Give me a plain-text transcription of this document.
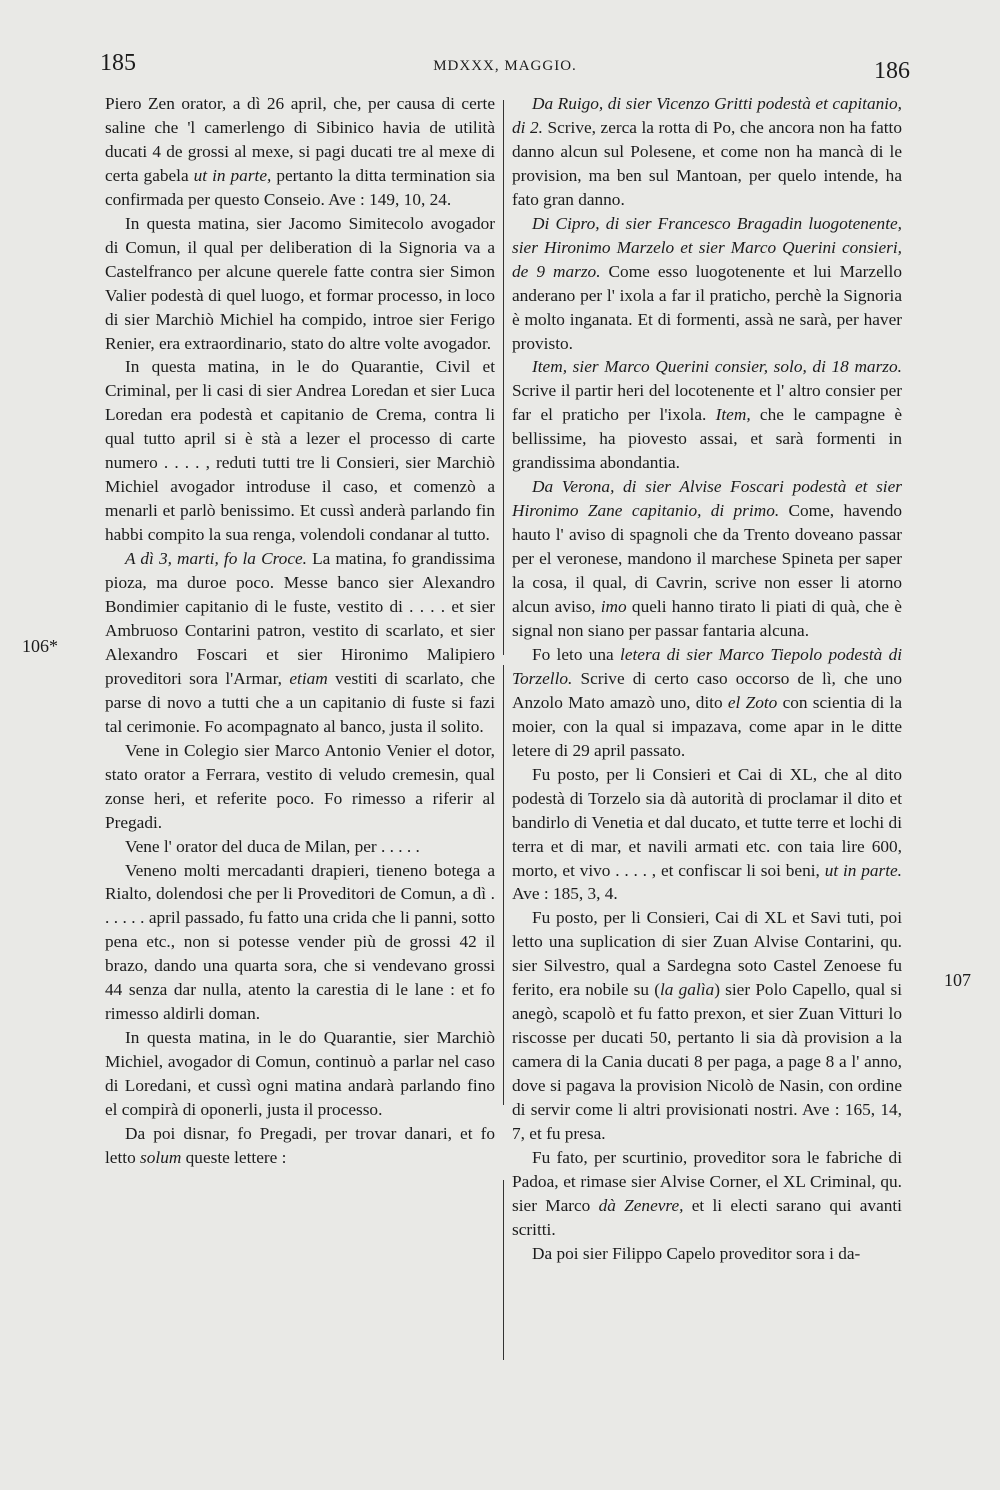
185	MDXXX, MAGGIO.	186
106*
107

Piero Zen orator, a dì 26 april, che, per causa di certe saline che 'l camerlengo di Sibinico havia de utilità ducati 4 de grossi al mexe, si pagi ducati tre al mexe di certa gabela ut in parte, pertanto la ditta termination sia confirmada per questo Conseio. Ave : 149, 10, 24.

In questa matina, sier Jacomo Simitecolo avogador di Comun, il qual per deliberation di la Signoria va a Castelfranco per alcune querele fatte contra sier Simon Valier podestà di quel luogo, et formar processo, in loco di sier Marchiò Michiel ha compido, introe sier Ferigo Renier, era extraordinario, stato do altre volte avogador.

In questa matina, in le do Quarantie, Civil et Criminal, per li casi di sier Andrea Loredan et sier Luca Loredan era podestà et capitanio de Crema, contra li qual tutto april si è stà a lezer el processo di carte numero . . . . , reduti tutti tre li Consieri, sier Marchiò Michiel avogador introduse il caso, et comenzò a menarli et parlò benissimo. Et cussì anderà parlando fin habbi compito la sua renga, volendoli condanar al tutto.

A dì 3, marti, fo la Croce. La matina, fo grandissima pioza, ma duroe poco. Messe banco sier Alexandro Bondimier capitanio di le fuste, vestito di . . . . et sier Ambruoso Contarini patron, vestito di scarlato, et sier Alexandro Foscari et sier Hironimo Malipiero proveditori sora l'Armar, etiam vestiti di scarlato, che parse di novo a tutti che a un capitanio di fuste si fazi tal cerimonie. Fo acompagnato al banco, justa il solito.

Vene in Colegio sier Marco Antonio Venier el dotor, stato orator a Ferrara, vestito di veludo cremesin, qual zonse heri, et referite poco. Fo rimesso a riferir al Pregadi.

Vene l' orator del duca de Milan, per . . . . .

Veneno molti mercadanti drapieri, tieneno botega a Rialto, dolendosi che per li Proveditori de Comun, a dì . . . . . . april passado, fu fatto una crida che li panni, sotto pena etc., non si potesse vender più de grossi 42 il brazo, dando una quarta sora, che si vendevano grossi 44 senza dar nulla, atento la carestia di le lane : et fo rimesso aldirli doman.

In questa matina, in le do Quarantie, sier Marchiò Michiel, avogador di Comun, continuò a parlar nel caso di Loredani, et cussì ogni matina andarà parlando fino el compirà di oponerli, justa il processo.

Da poi disnar, fo Pregadi, per trovar danari, et fo letto solum queste lettere :

Da Ruigo, di sier Vicenzo Gritti podestà et capitanio, di 2. Scrive, zerca la rotta di Po, che ancora non ha fatto danno alcun sul Polesene, et come non ha mancà di le provision, ma ben sul Mantoan, per quelo intende, ha fato gran danno.

Di Cipro, di sier Francesco Bragadin luogotenente, sier Hironimo Marzelo et sier Marco Querini consieri, de 9 marzo. Come esso luogotenente et lui Marzello anderano per l' ixola a far il praticho, perchè la Signoria è molto inganata. Et di formenti, assà ne sarà, per haver provisto.

Item, sier Marco Querini consier, solo, di 18 marzo. Scrive il partir heri del locotenente et l' altro consier per far el praticho per l'ixola. Item, che le campagne è bellissime, ha piovesto assai, et sarà formenti in grandissima abondantia.

Da Verona, di sier Alvise Foscari podestà et sier Hironimo Zane capitanio, di primo. Come, havendo hauto l' aviso di spagnoli che da Trento doveano passar per el veronese, mandono il marchese Spineta per saper la cosa, il qual, di Cavrin, scrive non esser li atorno alcun aviso, imo queli hanno tirato li piati di quà, che è signal non siano per passar fantaria alcuna.

Fo leto una letera di sier Marco Tiepolo podestà di Torzello. Scrive di certo caso occorso de lì, che uno Anzolo Mato amazò uno, dito el Zoto con scientia di la moier, con la qual si impazava, come apar in le ditte letere di 29 april passato.

Fu posto, per li Consieri et Cai di XL, che al dito podestà di Torzelo sia dà autorità di proclamar il dito et bandirlo di Venetia et dal ducato, et tutte terre et lochi di terra et di mar, et navili armati etc. con taia lire 600, morto, et vivo . . . . , et confiscar li soi beni, ut in parte. Ave : 185, 3, 4.

Fu posto, per li Consieri, Cai di XL et Savi tuti, poi letto una suplication di sier Zuan Alvise Contarini, qu. sier Silvestro, qual a Sardegna soto Castel Zenoese fu ferito, era nobile su (la galìa) sier Polo Capello, qual si anegò, scapolò et fu fatto prexon, et sier Zuan Vitturi lo riscosse per ducati 50, pertanto li sia dà provision a la camera di la Cania ducati 8 per paga, a page 8 a l' anno, dove si pagava la provision Nicolò de Nasin, con ordine di servir come li altri provisionati nostri. Ave : 165, 14, 7, et fu presa.

Fu fato, per scurtinio, proveditor sora le fabriche di Padoa, et rimase sier Alvise Corner, el XL Criminal, qu. sier Marco dà Zenevre, et li electi sarano qui avanti scritti.

Da poi sier Filippo Capelo proveditor sora i da-
